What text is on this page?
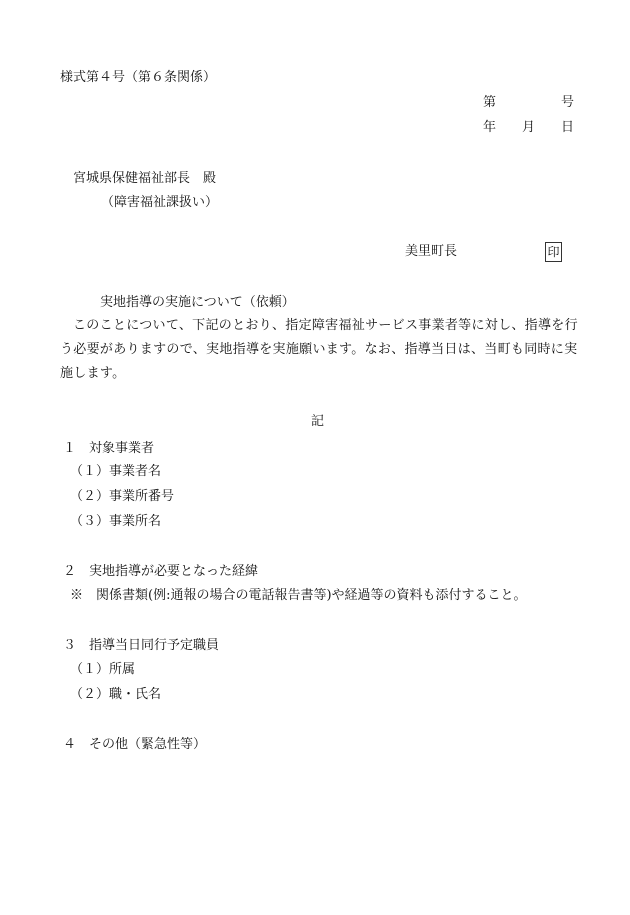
様式第４号（第６条関係）
第	号
年 月 日
宮城県保健福祉部長　殿
（障害福祉課扱い）
美里町長	印
実地指導の実施について（依頼）
このことについて、下記のとおり、指定障害福祉サービス事業者等に対し、指導を行う必要がありますので、実地指導を実施願います。なお、指導当日は、当町も同時に実施します。
記
１　対象事業者
（１）事業者名
（２）事業所番号
（３）事業所名
２　実地指導が必要となった経緯
※　関係書類(例:通報の場合の電話報告書等)や経過等の資料も添付すること。
３　指導当日同行予定職員
（１）所属
（２）職・氏名
４　その他（緊急性等）
